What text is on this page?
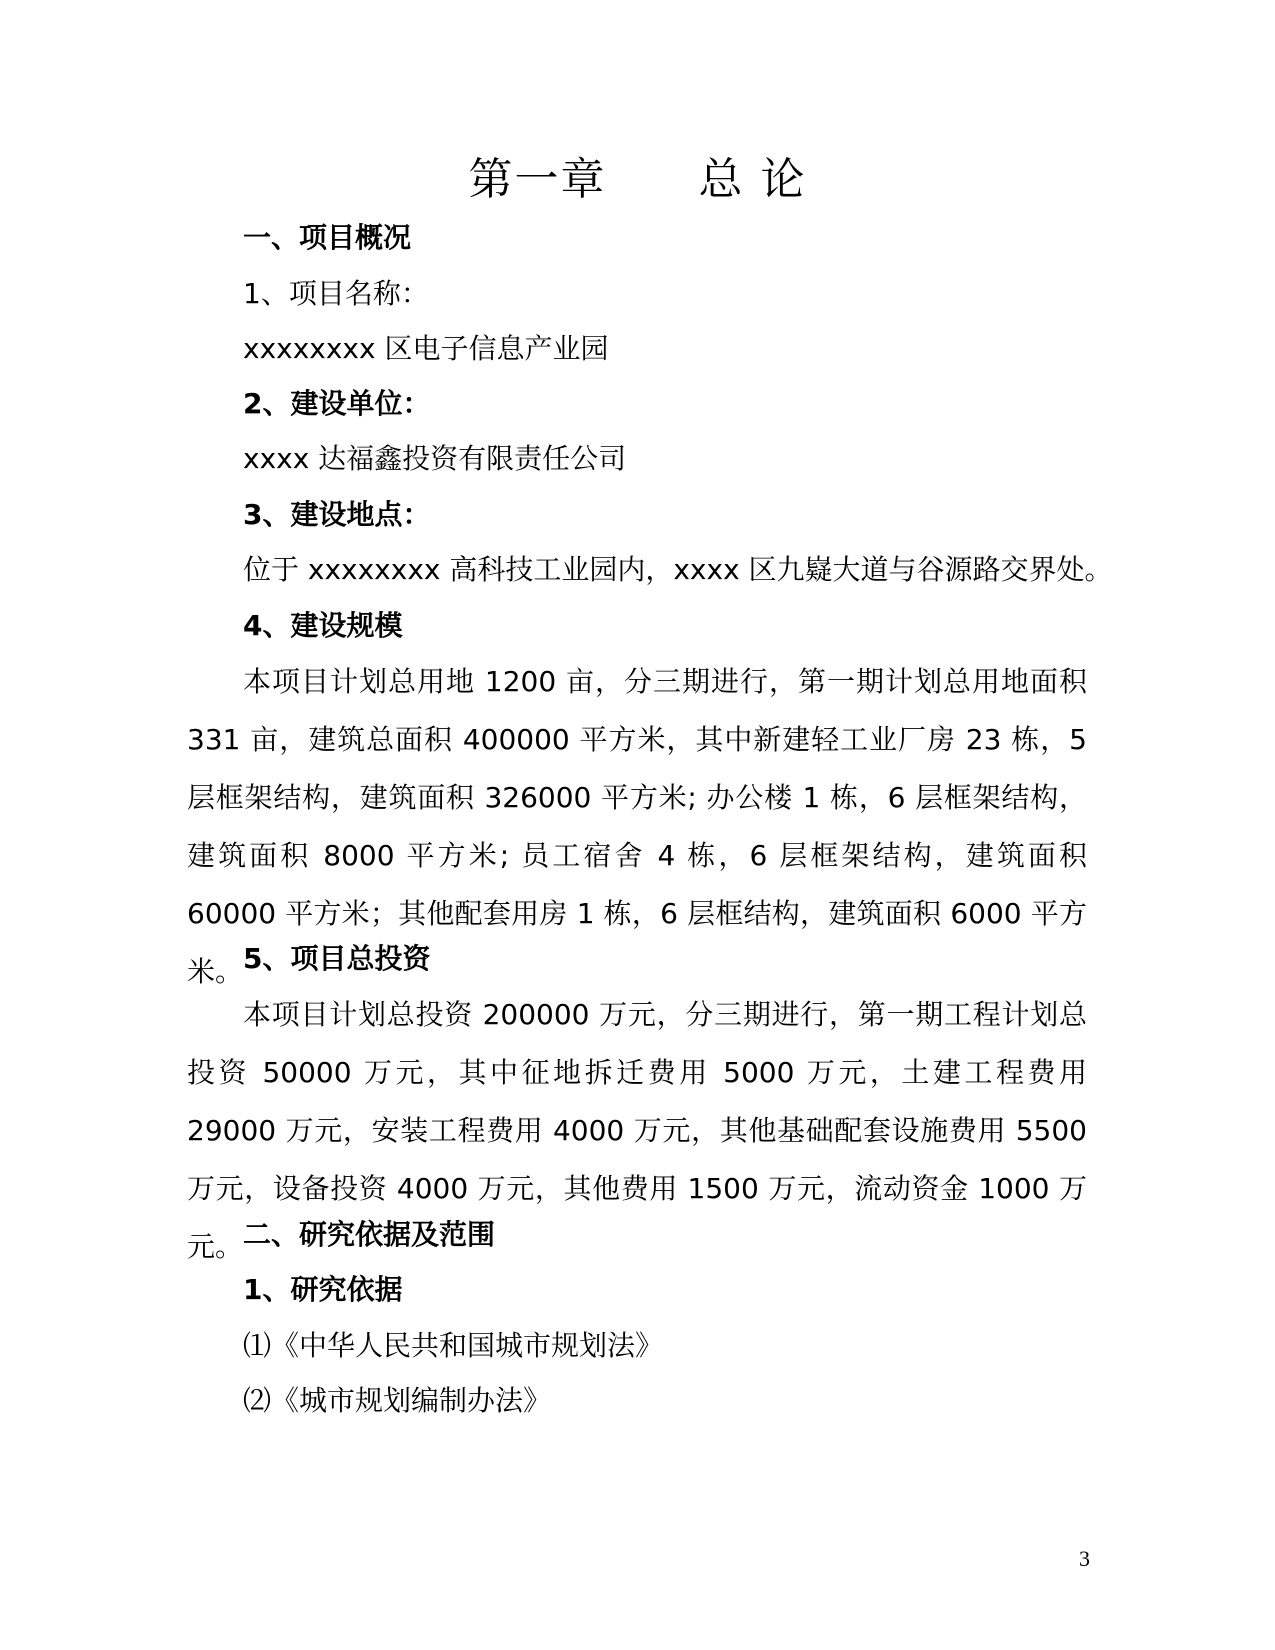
第一章　　总 论
一、项目概况
1、项目名称：
xxxxxxxx 区电子信息产业园
2、建设单位：
xxxx 达福鑫投资有限责任公司
3、建设地点：
位于 xxxxxxxx 高科技工业园内，xxxx 区九嶷大道与谷源路交界处。
4、建设规模
本项目计划总用地 1200 亩，分三期进行，第一期计划总用地面积 331 亩，建筑总面积 400000 平方米，其中新建轻工业厂房 23 栋，5 层框架结构，建筑面积 326000 平方米; 办公楼 1 栋，6 层框架结构，建筑面积 8000 平方米; 员工宿舍 4 栋，6 层框架结构，建筑面积 60000 平方米；其他配套用房 1 栋，6 层框结构，建筑面积 6000 平方米。 5、项目总投资
本项目计划总投资 200000 万元，分三期进行，第一期工程计划总投资 50000 万元，其中征地拆迁费用 5000 万元，土建工程费用 29000 万元，安装工程费用 4000 万元，其他基础配套设施费用 5500 万元，设备投资 4000 万元，其他费用 1500 万元，流动资金 1000 万元。 二、研究依据及范围
1、研究依据
⑴《中华人民共和国城市规划法》
⑵《城市规划编制办法》
3
